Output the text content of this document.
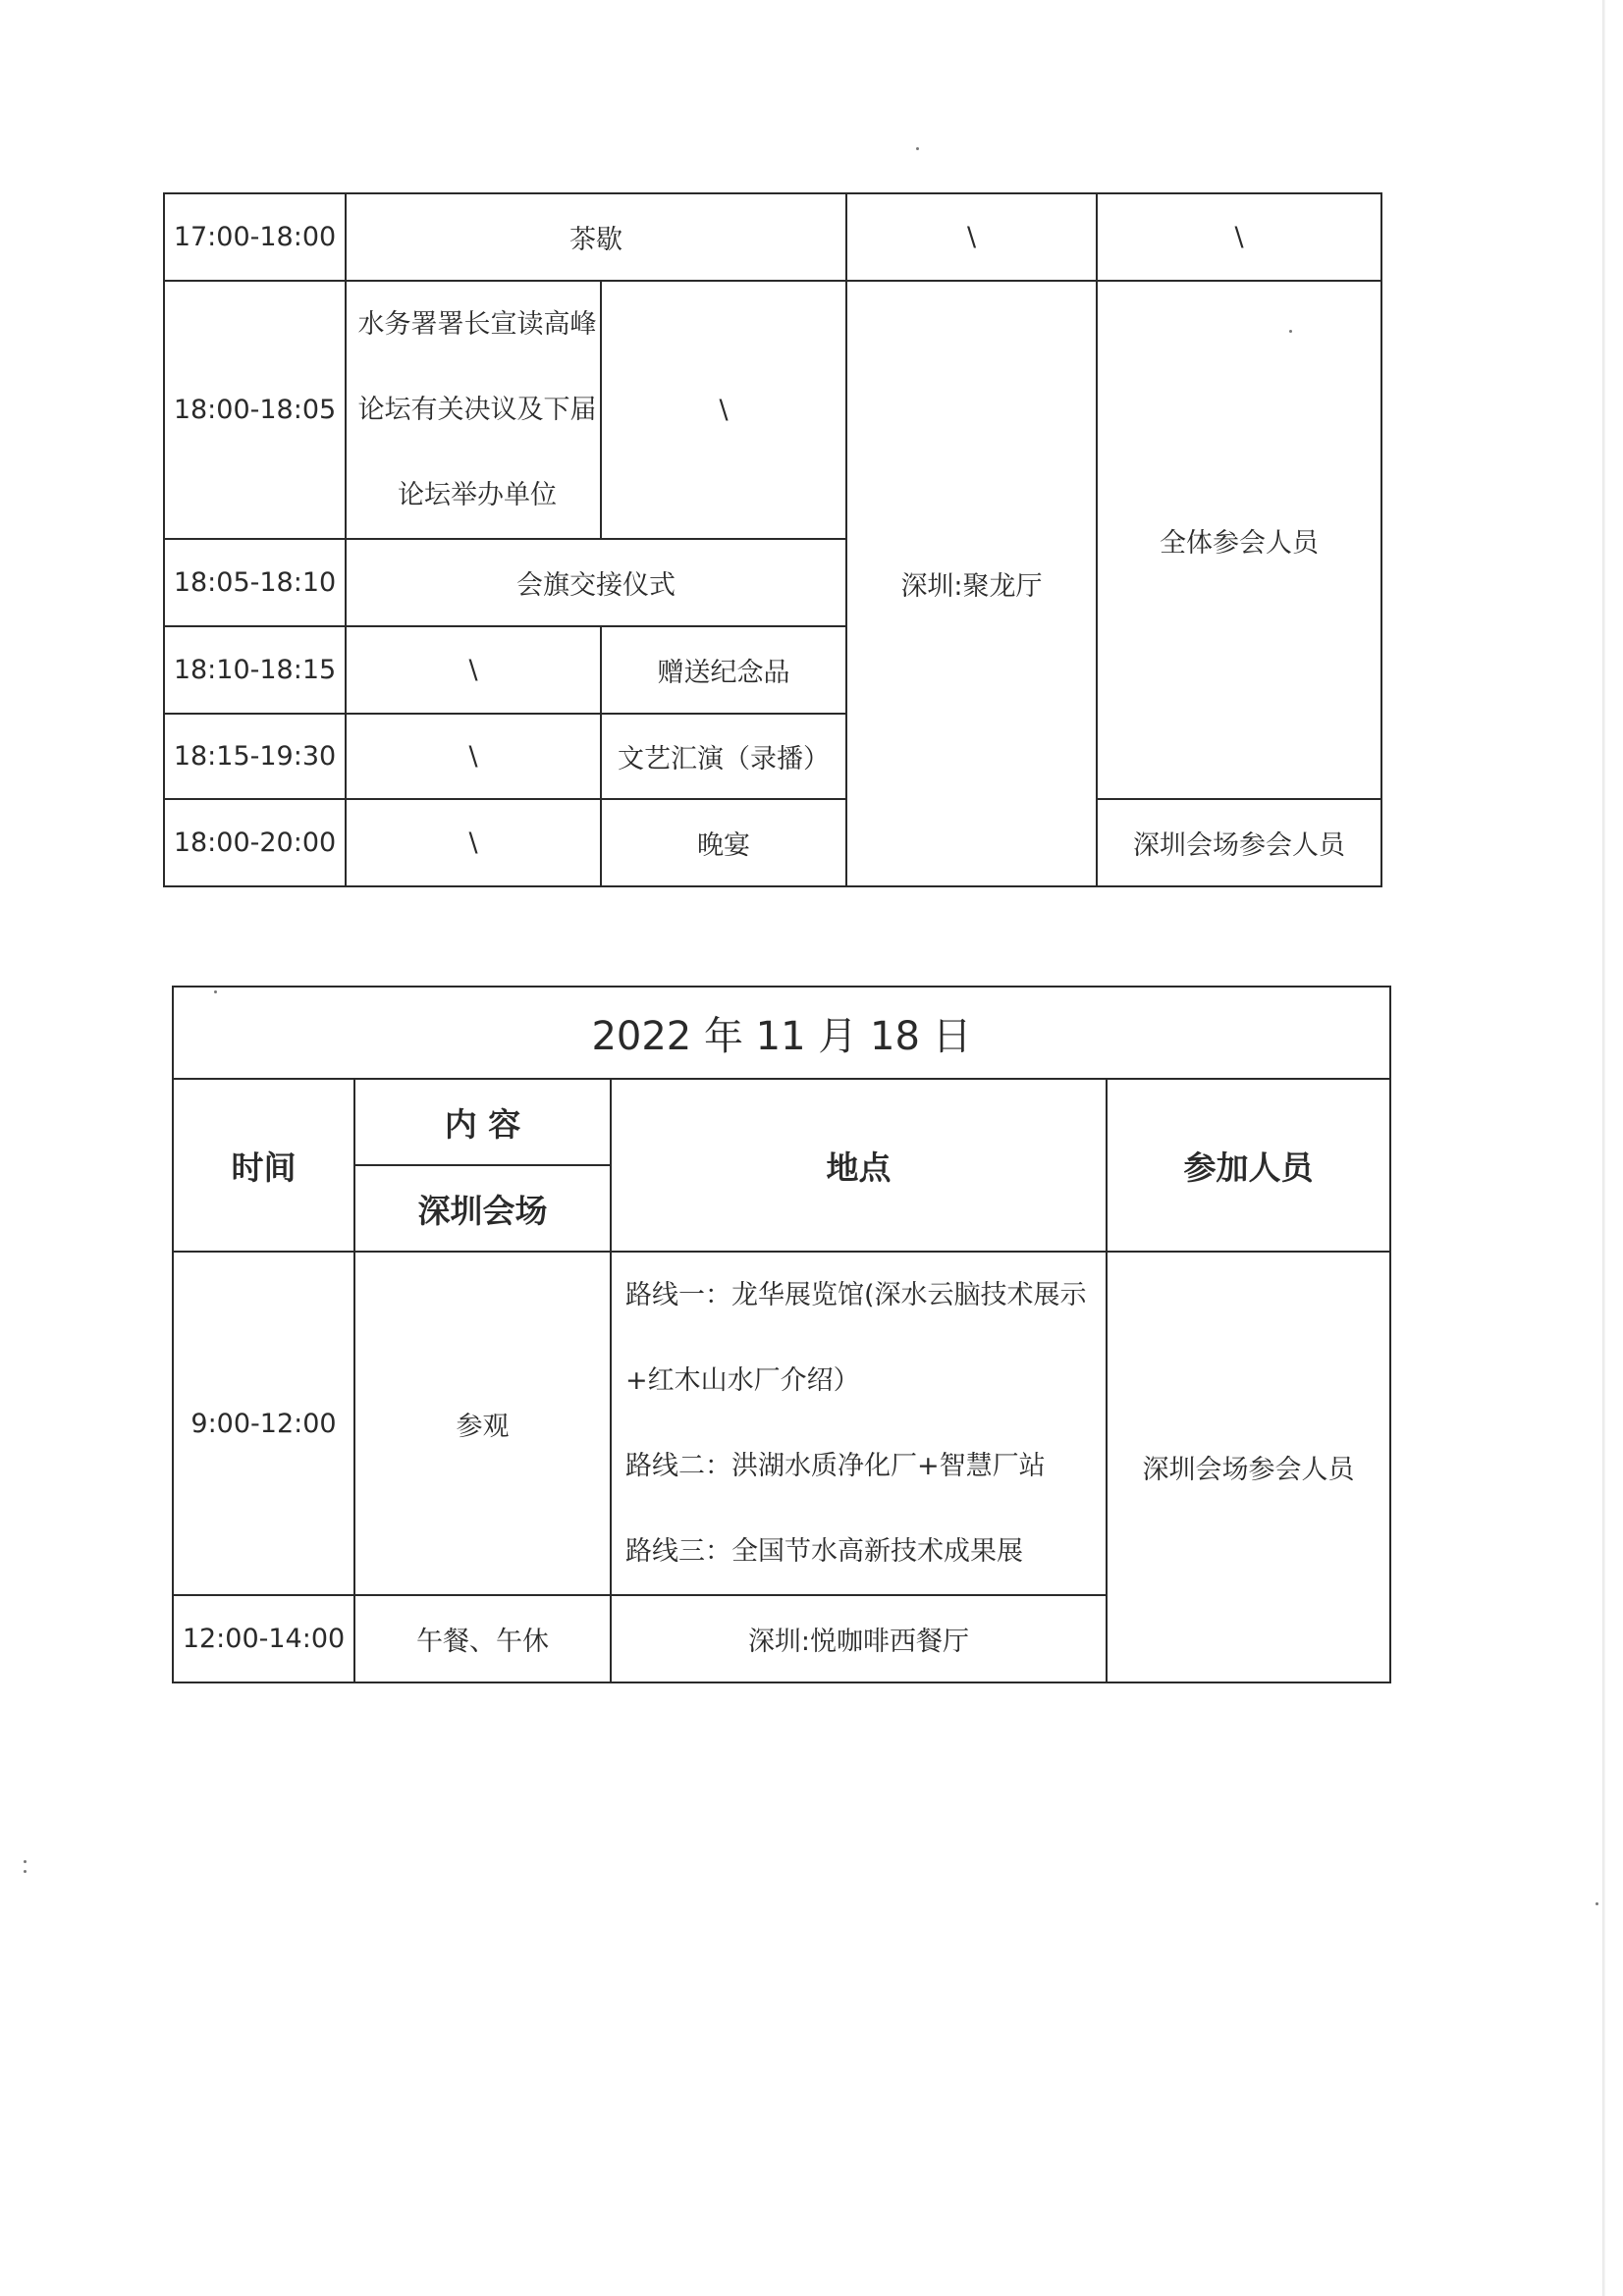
17:00-18:00	茶歇		\	\
18:00-18:05	水务署署长宣读高峰论坛有关决议及下届论坛举办单位	\	深圳:聚龙厅	全体参会人员
18:05-18:10	会旗交接仪式			
18:10-18:15	\	赠送纪念品		
18:15-19:30	\	文艺汇演（录播）		
18:00-20:00	\	晚宴		深圳会场参会人员
2022 年 11 月 18 日			
时间	内 容	地点	参加人员
	深圳会场		
9:00-12:00	参观	路线一：龙华展览馆(深水云脑技术展示+红木山水厂介绍）
路线二：洪湖水质净化厂+智慧厂站
路线三：全国节水高新技术成果展	深圳会场参会人员
12:00-14:00	午餐、午休	深圳:悦咖啡西餐厅	
